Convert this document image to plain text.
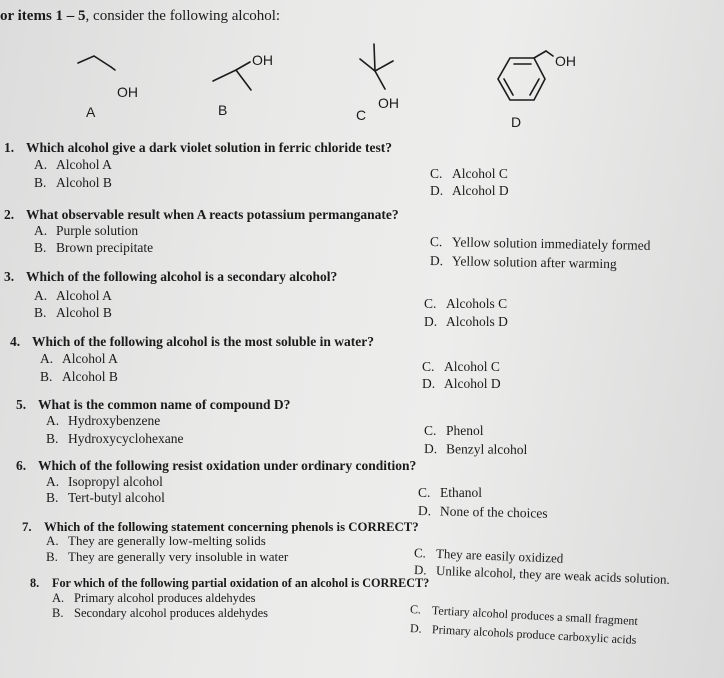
or items 1 – 5, consider the following alcohol:
OH
OH
OH
OH
A	B	C	D
1. Which alcohol give a dark violet solution in ferric chloride test?
A. Alcohol A
B. Alcohol B
C. Alcohol C
D. Alcohol D
2. What observable result when A reacts potassium permanganate?
A. Purple solution
B. Brown precipitate	C. Yellow solution immediately formed
D. Yellow solution after warming
3. Which of the following alcohol is a secondary alcohol?
A. Alcohol A
B. Alcohol B
C. Alcohols C
D. Alcohols D
4. Which of the following alcohol is the most soluble in water?
A. Alcohol A
B. Alcohol B
C. Alcohol C
D. Alcohol D
5. What is the common name of compound D?
A. Hydroxybenzene
B. Hydroxycyclohexane
C. Phenol
D. Benzyl alcohol
6. Which of the following resist oxidation under ordinary condition?
A. Isopropyl alcohol
B. Tert-butyl alcohol	C. Ethanol
D. None of the choices
7. Which of the following statement concerning phenols is CORRECT?
A. They are generally low-melting solids
B. They are generally very insoluble in water	C. They are easily oxidized
D. Unlike alcohol, they are weak acids solution.
8. For which of the following partial oxidation of an alcohol is CORRECT?
A. Primary alcohol produces aldehydes
B. Secondary alcohol produces aldehydes	C. Tertiary alcohol produces a small fragment
D. Primary alcohols produce carboxylic acids
